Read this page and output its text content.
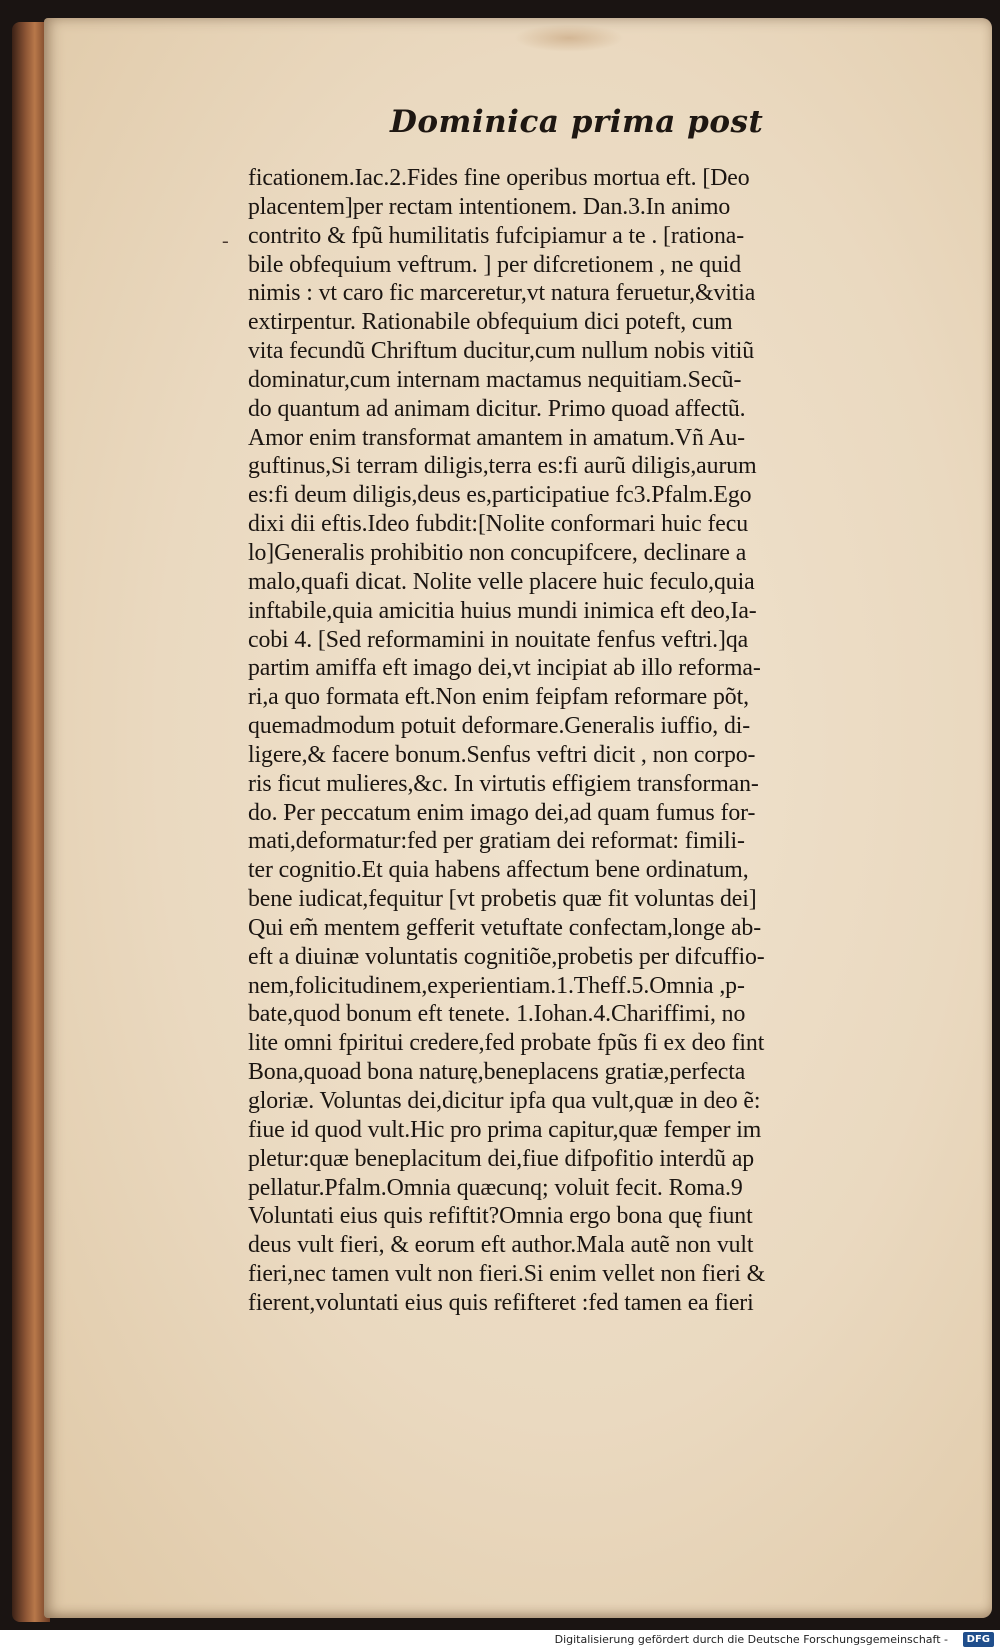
Dominica prima post
-
ficationem.Iac.2.Fides fine operibus mortua eft. [Deo
placentem]per rectam intentionem. Dan.3.In animo
contrito & fpũ humilitatis fufcipiamur a te . [rationa-
bile obfequium veftrum. ] per difcretionem , ne quid
nimis : vt caro fic marceretur,vt natura feruetur,&vitia
extirpentur. Rationabile obfequium dici poteft, cum
vita fecundũ Chriftum ducitur,cum nullum nobis vitiũ
dominatur,cum internam mactamus nequitiam.Secũ-
do quantum ad animam dicitur. Primo quoad affectũ.
Amor enim transformat amantem in amatum.Vñ Au-
guftinus,Si terram diligis,terra es:fi aurũ diligis,aurum
es:fi deum diligis,deus es,participatiue fc3.Pfalm.Ego
dixi dii eftis.Ideo fubdit:[Nolite conformari huic fecu
lo]Generalis prohibitio non concupifcere, declinare a
malo,quafi dicat. Nolite velle placere huic feculo,quia
inftabile,quia amicitia huius mundi inimica eft deo,Ia-
cobi 4. [Sed reformamini in nouitate fenfus veftri.]qa
partim amiffa eft imago dei,vt incipiat ab illo reforma-
ri,a quo formata eft.Non enim feipfam reformare põt,
quemadmodum potuit deformare.Generalis iuffio, di-
ligere,& facere bonum.Senfus veftri dicit , non corpo-
ris ficut mulieres,&c. In virtutis effigiem transforman-
do. Per peccatum enim imago dei,ad quam fumus for-
mati,deformatur:fed per gratiam dei reformat: fimili-
ter cognitio.Et quia habens affectum bene ordinatum,
bene iudicat,fequitur [vt probetis quæ fit voluntas dei]
Qui em̃ mentem gefferit vetuftate confectam,longe ab-
eft a diuinæ voluntatis cognitiõe,probetis per difcuffio-
nem,folicitudinem,experientiam.1.Theff.5.Omnia ,p-
bate,quod bonum eft tenete. 1.Iohan.4.Chariffimi, no
lite omni fpiritui credere,fed probate fpũs fi ex deo fint
Bona,quoad bona naturę,beneplacens gratiæ,perfecta
gloriæ. Voluntas dei,dicitur ipfa qua vult,quæ in deo ẽ:
fiue id quod vult.Hic pro prima capitur,quæ femper im
pletur:quæ beneplacitum dei,fiue difpofitio interdũ ap
pellatur.Pfalm.Omnia quæcunq; voluit fecit. Roma.9
Voluntati eius quis refiftit?Omnia ergo bona quę fiunt
deus vult fieri, & eorum eft author.Mala autẽ non vult
fieri,nec tamen vult non fieri.Si enim vellet non fieri &
fierent,voluntati eius quis refifteret :fed tamen ea fieri
Digitalisierung gefördert durch die Deutsche Forschungsgemeinschaft -	DFG
